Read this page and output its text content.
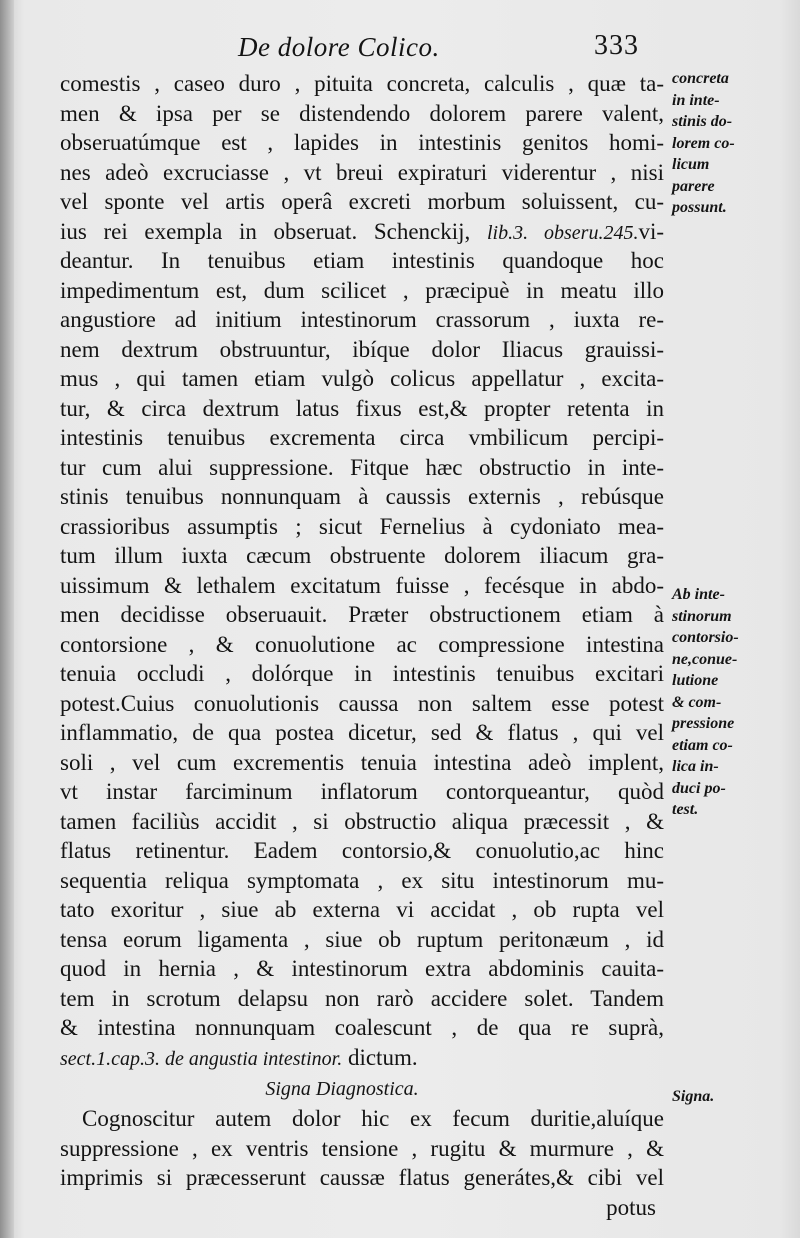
De dolore Colico.	333
comestis , caseo duro , pituita concreta, calculis , quæ ta-
men & ipsa per se distendendo dolorem parere valent,
obseruatúmque est , lapides in intestinis genitos homi-
nes adeò excruciasse , vt breui expiraturi viderentur , nisi
vel sponte vel artis operâ excreti morbum soluissent, cu-
ius rei exempla in obseruat. Schenckij, lib.3. obseru.245.vi-
deantur. In tenuibus etiam intestinis quandoque hoc
impedimentum est, dum scilicet , præcipuè in meatu illo
angustiore ad initium intestinorum crassorum , iuxta re-
nem dextrum obstruuntur, ibíque dolor Iliacus grauissi-
mus , qui tamen etiam vulgò colicus appellatur , excita-
tur, & circa dextrum latus fixus est,& propter retenta in
intestinis tenuibus excrementa circa vmbilicum percipi-
tur cum alui suppressione. Fitque hæc obstructio in inte-
stinis tenuibus nonnunquam à caussis externis , rebúsque
crassioribus assumptis ; sicut Fernelius à cydoniato mea-
tum illum iuxta cæcum obstruente dolorem iliacum gra-
uissimum & lethalem excitatum fuisse , fecésque in abdo-
men decidisse obseruauit. Præter obstructionem etiam à
contorsione , & conuolutione ac compressione intestina
tenuia occludi , dolórque in intestinis tenuibus excitari
potest.Cuius conuolutionis caussa non saltem esse potest
inflammatio, de qua postea dicetur, sed & flatus , qui vel
soli , vel cum excrementis tenuia intestina adeò implent,
vt instar farciminum inflatorum contorqueantur, quòd
tamen faciliùs accidit , si obstructio aliqua præcessit , &
flatus retinentur. Eadem contorsio,& conuolutio,ac hinc
sequentia reliqua symptomata , ex situ intestinorum mu-
tato exoritur , siue ab externa vi accidat , ob rupta vel
tensa eorum ligamenta , siue ob ruptum peritonæum , id
quod in hernia , & intestinorum extra abdominis cauita-
tem in scrotum delapsu non rarò accidere solet. Tandem
& intestina nonnunquam coalescunt , de qua re suprà,
sect.1.cap.3. de angustia intestinor. dictum.
Signa Diagnostica.
Cognoscitur autem dolor hic ex fecum duritie,aluíque
suppressione , ex ventris tensione , rugitu & murmure , &
imprimis si præcesserunt caussæ flatus generátes,& cibi vel
potus
concreta
in inte-
stinis do-
lorem co-
licum
parere
possunt.
Ab inte-
stinorum
contorsio-
ne,conue-
lutione
& com-
pressione
etiam co-
lica in-
duci po-
test.
Signa.
